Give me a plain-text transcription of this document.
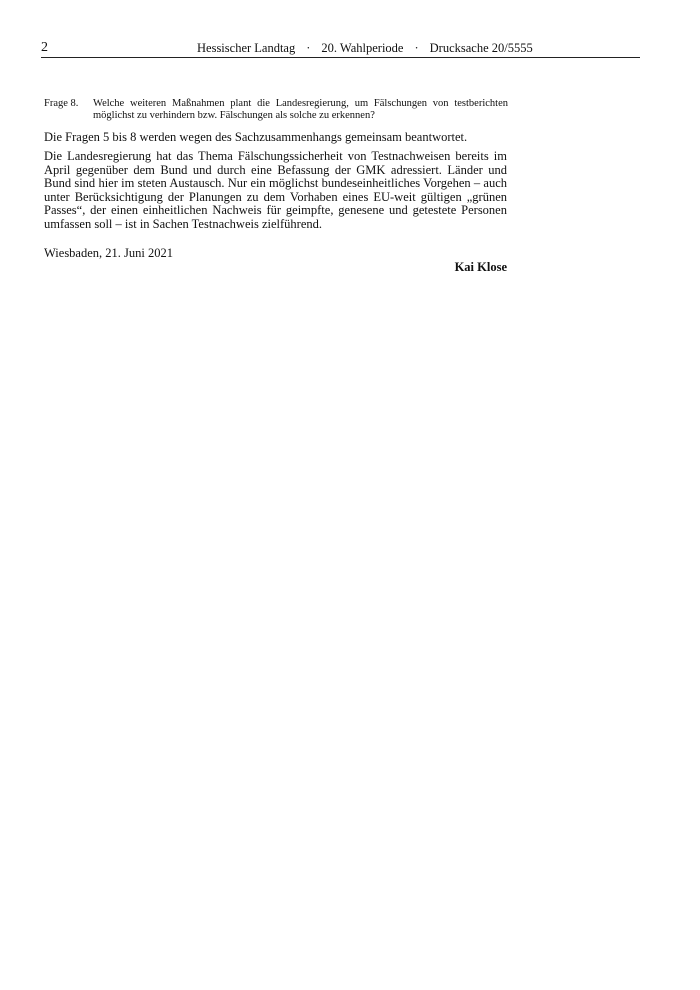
2	Hessischer Landtag · 20. Wahlperiode · Drucksache 20/5555
Frage 8.	Welche weiteren Maßnahmen plant die Landesregierung, um Fälschungen von testberichten möglichst zu verhindern bzw. Fälschungen als solche zu erkennen?

Die Fragen 5 bis 8 werden wegen des Sachzusammenhangs gemeinsam beantwortet.

Die Landesregierung hat das Thema Fälschungssicherheit von Testnachweisen bereits im April gegenüber dem Bund und durch eine Befassung der GMK adressiert. Länder und Bund sind hier im steten Austausch. Nur ein möglichst bundeseinheitliches Vorgehen – auch unter Berücksichtigung der Planungen zu dem Vorhaben eines EU-weit gültigen „grünen Passes“, der einen einheitlichen Nachweis für geimpfte, genesene und getestete Personen umfassen soll – ist in Sachen Testnachweis zielführend.

Wiesbaden, 21. Juni 2021
Kai Klose
